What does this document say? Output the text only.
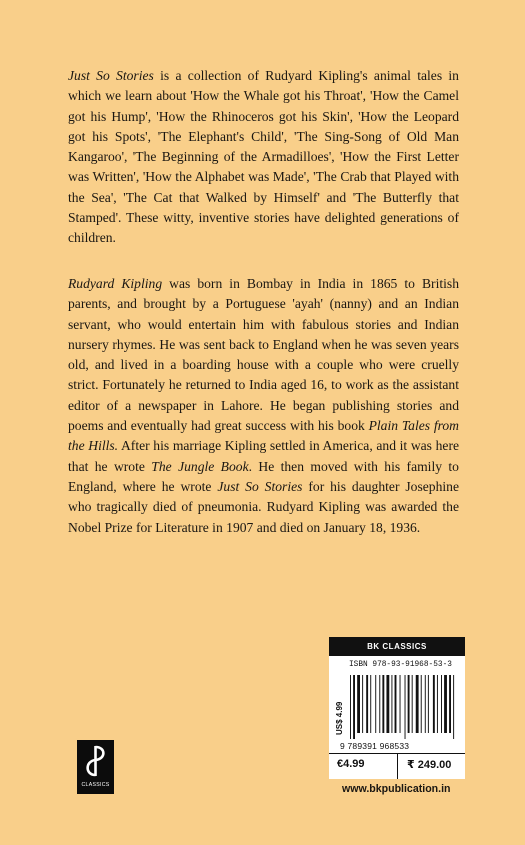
Just So Stories is a collection of Rudyard Kipling's animal tales in which we learn about 'How the Whale got his Throat', 'How the Camel got his Hump', 'How the Rhinoceros got his Skin', 'How the Leopard got his Spots', 'The Elephant's Child', 'The Sing-Song of Old Man Kangaroo', 'The Beginning of the Armadilloes', 'How the First Letter was Written', 'How the Alphabet was Made', 'The Crab that Played with the Sea', 'The Cat that Walked by Himself' and 'The Butterfly that Stamped'. These witty, inventive stories have delighted generations of children.

Rudyard Kipling was born in Bombay in India in 1865 to British parents, and brought by a Portuguese 'ayah' (nanny) and an Indian servant, who would entertain him with fabulous stories and Indian nursery rhymes. He was sent back to England when he was seven years old, and lived in a boarding house with a couple who were cruelly strict. Fortunately he returned to India aged 16, to work as the assistant editor of a newspaper in Lahore. He began publishing stories and poems and eventually had great success with his book Plain Tales from the Hills. After his marriage Kipling settled in America, and it was here that he wrote The Jungle Book. He then moved with his family to England, where he wrote Just So Stories for his daughter Josephine who tragically died of pneumonia. Rudyard Kipling was awarded the Nobel Prize for Literature in 1907 and died on January 18, 1936.

CLASSICS
BK CLASSICS
ISBN 978-93-91968-53-3
US$ 4.99
9 789391 968533
€4.99	₹ 249.00
www.bkpublication.in
